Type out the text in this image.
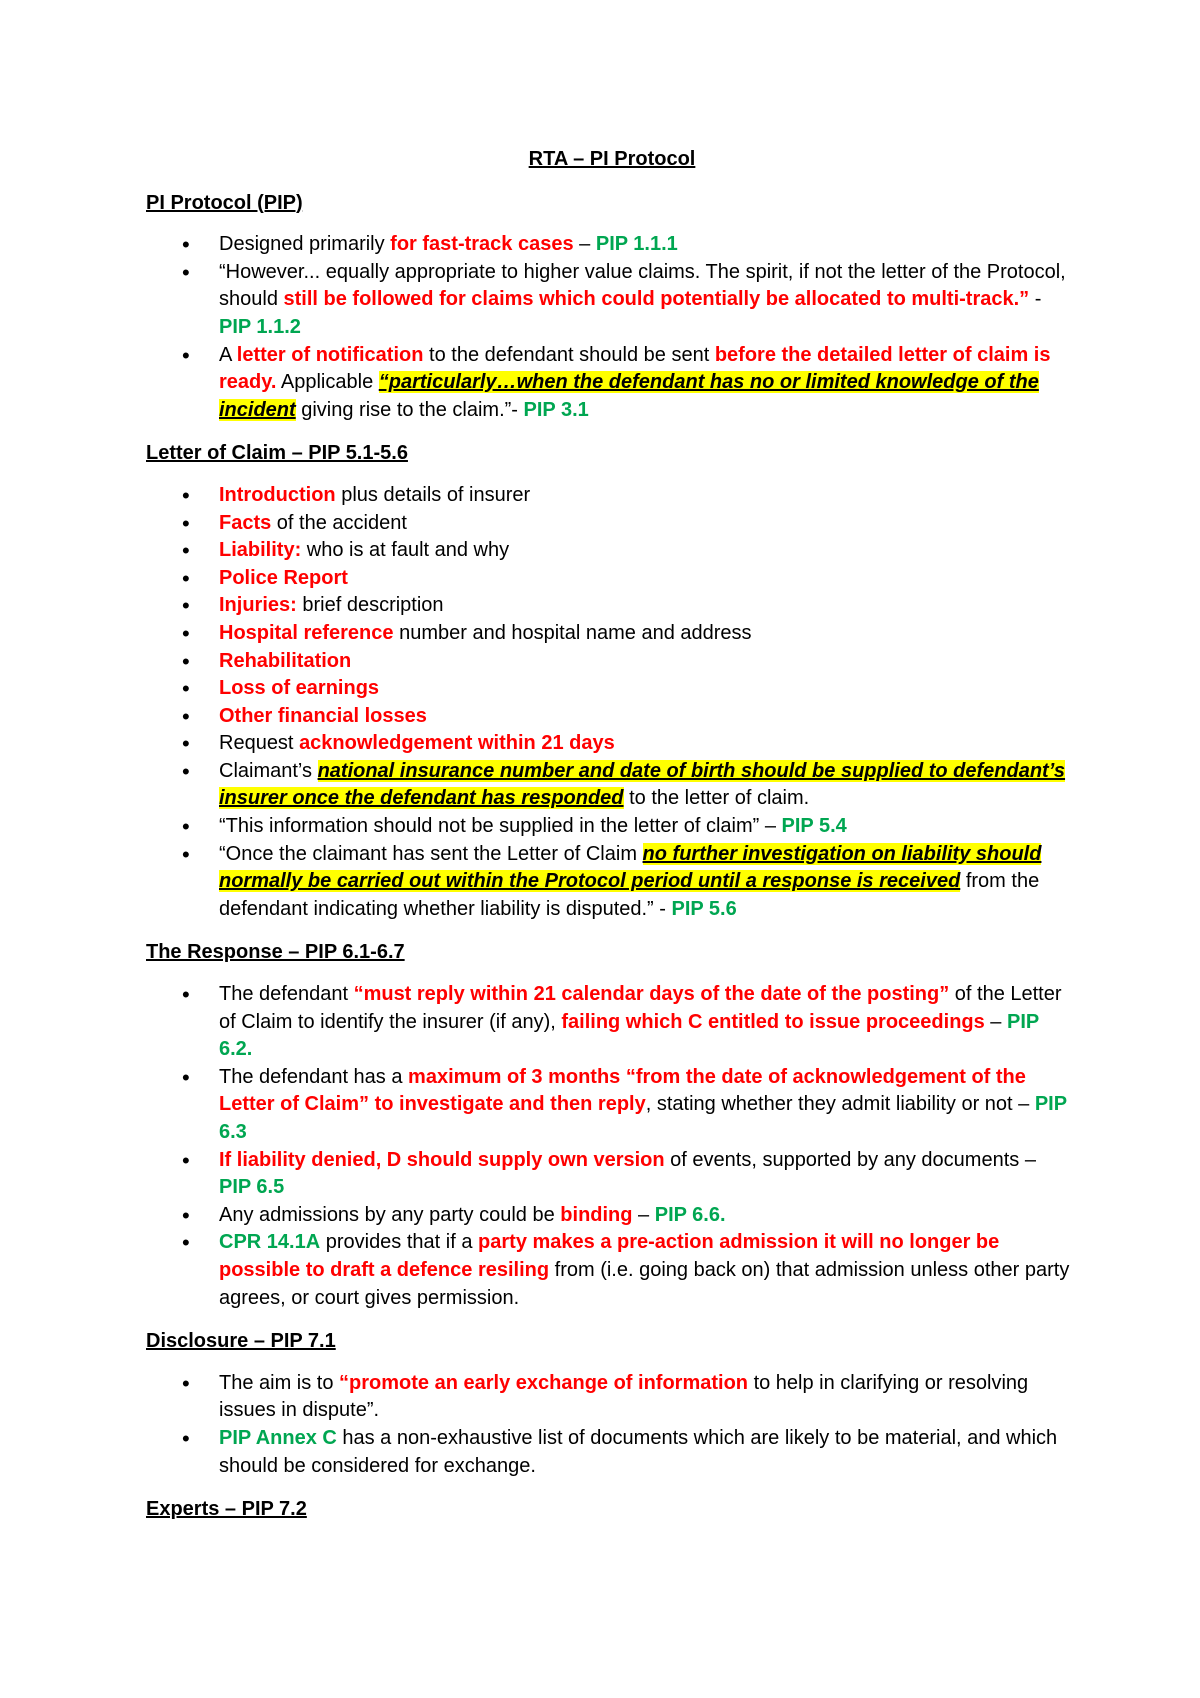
RTA – PI Protocol
PI Protocol (PIP)
• Designed primarily for fast-track cases – PIP 1.1.1
• “However... equally appropriate to higher value claims. The spirit, if not the letter of the Protocol, should still be followed for claims which could potentially be allocated to multi-track.” - PIP 1.1.2
• A letter of notification to the defendant should be sent before the detailed letter of claim is ready. Applicable “particularly…when the defendant has no or limited knowledge of the incident giving rise to the claim.”- PIP 3.1
Letter of Claim – PIP 5.1-5.6
• Introduction plus details of insurer
• Facts of the accident
• Liability: who is at fault and why
• Police Report
• Injuries: brief description
• Hospital reference number and hospital name and address
• Rehabilitation
• Loss of earnings
• Other financial losses
• Request acknowledgement within 21 days
• Claimant’s national insurance number and date of birth should be supplied to defendant’s insurer once the defendant has responded to the letter of claim.
• “This information should not be supplied in the letter of claim” – PIP 5.4
• “Once the claimant has sent the Letter of Claim no further investigation on liability should normally be carried out within the Protocol period until a response is received from the defendant indicating whether liability is disputed.” - PIP 5.6
The Response – PIP 6.1-6.7
• The defendant “must reply within 21 calendar days of the date of the posting” of the Letter of Claim to identify the insurer (if any), failing which C entitled to issue proceedings – PIP 6.2.
• The defendant has a maximum of 3 months “from the date of acknowledgement of the Letter of Claim” to investigate and then reply, stating whether they admit liability or not – PIP 6.3
• If liability denied, D should supply own version of events, supported by any documents – PIP 6.5
• Any admissions by any party could be binding – PIP 6.6.
• CPR 14.1A provides that if a party makes a pre-action admission it will no longer be possible to draft a defence resiling from (i.e. going back on) that admission unless other party agrees, or court gives permission.
Disclosure – PIP 7.1
• The aim is to “promote an early exchange of information to help in clarifying or resolving issues in dispute”.
• PIP Annex C has a non-exhaustive list of documents which are likely to be material, and which should be considered for exchange.
Experts – PIP 7.2
